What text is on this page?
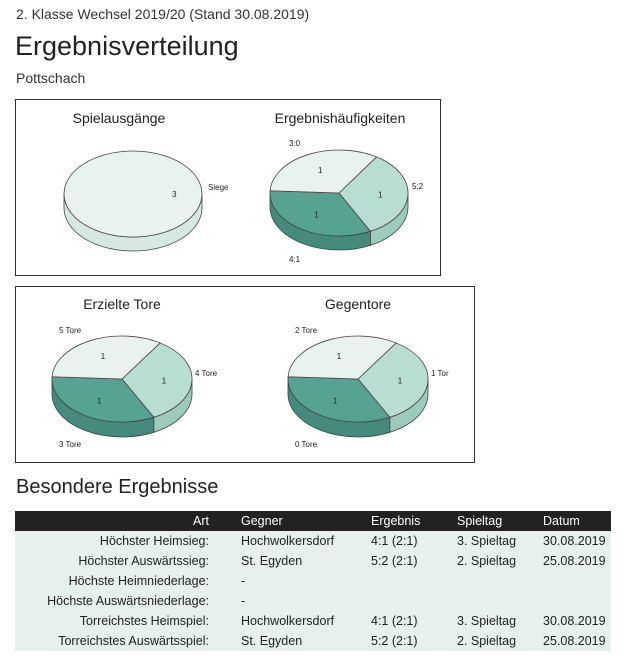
2. Klasse Wechsel 2019/20 (Stand 30.08.2019)
Ergebnisverteilung
Pottschach
Spielausgänge	Ergebnishäufigkeiten
3
Siege
1
5:2
1
4:1
1
3:0
Erzielte Tore	Gegentore
1
4 Tore
1
3 Tore
1
5 Tore
1
1 Tor
1
0 Tore
1
2 Tore
Besondere Ergebnisse
Art	Gegner	Ergebnis	Spieltag	Datum
Höchster Heimsieg:	Hochwolkersdorf	4:1 (2:1)	3. Spieltag	30.08.2019
Höchster Auswärtssieg:	St. Egyden	5:2 (2:1)	2. Spieltag	25.08.2019
Höchste Heimniederlage:	-			
Höchste Auswärtsniederlage:	-			
Torreichstes Heimspiel:	Hochwolkersdorf	4:1 (2:1)	3. Spieltag	30.08.2019
Torreichstes Auswärtsspiel:	St. Egyden	5:2 (2:1)	2. Spieltag	25.08.2019
